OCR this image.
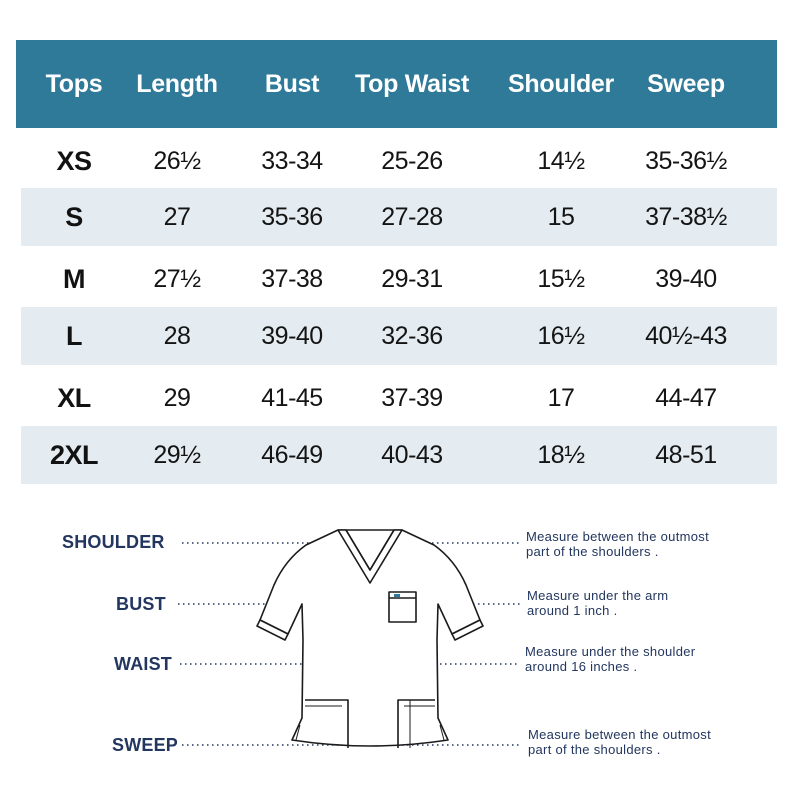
Tops	Length	Bust	Top Waist	Shoulder	Sweep
XS	26½	33-34	25-26	14½	35-36½
S	27	35-36	27-28	15	37-38½
M	27½	37-38	29-31	15½	39-40
L	28	39-40	32-36	16½	40½-43
XL	29	41-45	37-39	17	44-47
2XL	29½	46-49	40-43	18½	48-51
SHOULDER
BUST
WAIST
SWEEP
Measure between the outmost
part of the shoulders .
Measure under the arm
around 1 inch .
Measure under the shoulder
around 16 inches .
Measure between the outmost
part of the shoulders .
